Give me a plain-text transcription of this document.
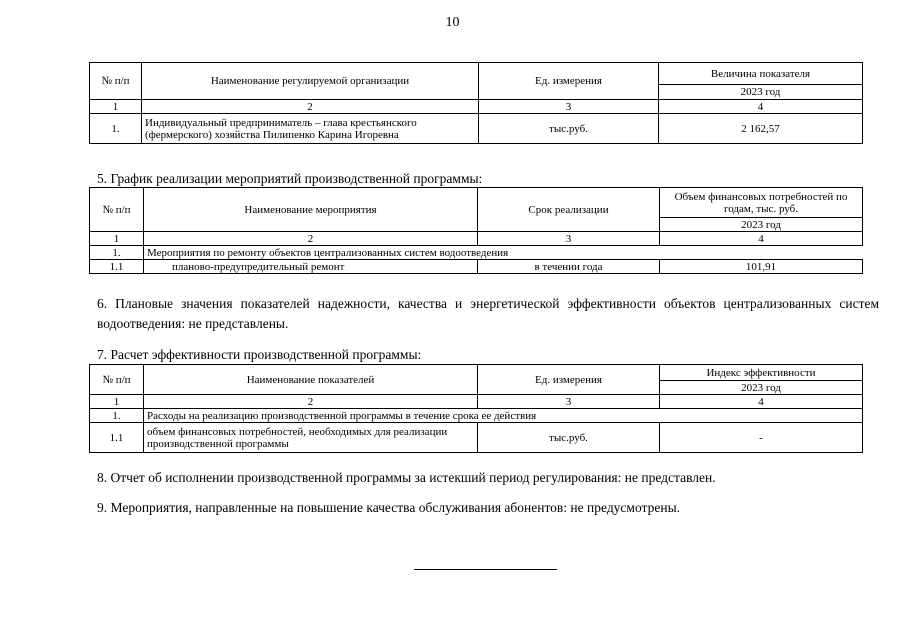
10
№ п/п	Наименование регулируемой организации	Ед. измерения	Величина показателя
			2023 год
1	2	3	4
1.	Индивидуальный предприниматель – глава крестьянского (фермерского) хозяйства Пилипенко Карина Игоревна	тыс.руб.	2 162,57
5. График реализации мероприятий производственной программы:
№ п/п	Наименование мероприятия	Срок реализации	Объем финансовых потребностей по годам, тыс. руб.
			2023 год
1	2	3	4
1.	Мероприятия по ремонту объектов централизованных систем водоотведения		
1.1	планово-предупредительный ремонт	в течении года	101,91
6. Плановые значения показателей надежности, качества и энергетической эффективности объектов централизованных систем водоотведения: не представлены.
7. Расчет эффективности производственной программы:
№ п/п	Наименование показателей	Ед. измерения	Индекс эффективности
			2023 год
1	2	3	4
1.	Расходы на реализацию производственной программы в течение срока ее действия		
1.1	объем финансовых потребностей, необходимых для реализации производственной программы	тыс.руб.	-
8. Отчет об исполнении производственной программы за истекший период регулирования: не представлен.
9. Мероприятия, направленные на повышение качества обслуживания абонентов: не предусмотрены.
